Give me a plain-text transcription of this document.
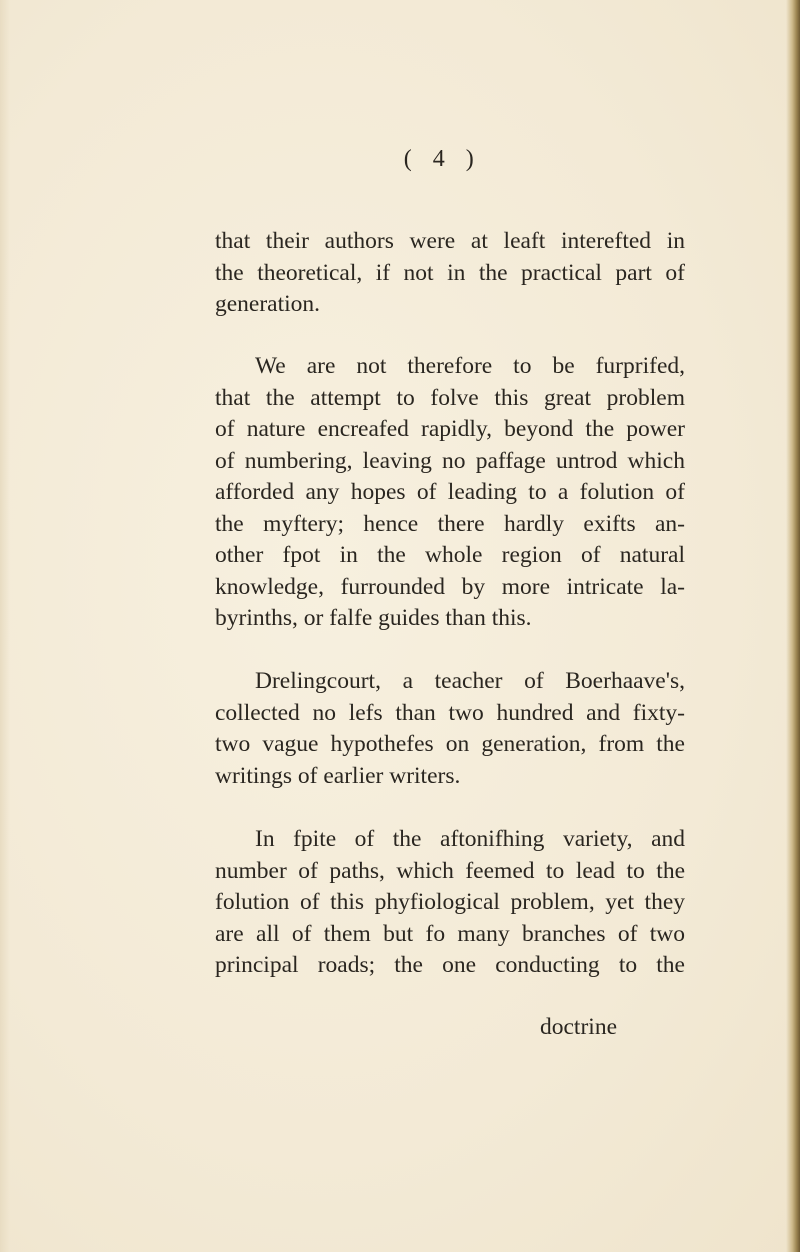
( 4 )
that their authors were at leaft interefted in
the theoretical, if not in the practical part of
generation.
We are not therefore to be furprifed,
that the attempt to folve this great problem
of nature encreafed rapidly, beyond the power
of numbering, leaving no paffage untrod which
afforded any hopes of leading to a folution of
the myftery; hence there hardly exifts an-
other fpot in the whole region of natural
knowledge, furrounded by more intricate la-
byrinths, or falfe guides than this.
Drelingcourt, a teacher of Boerhaave's,
collected no lefs than two hundred and fixty-
two vague hypothefes on generation, from the
writings of earlier writers.
In fpite of the aftonifhing variety, and
number of paths, which feemed to lead to the
folution of this phyfiological problem, yet they
are all of them but fo many branches of two
principal roads; the one conducting to the
doctrine
